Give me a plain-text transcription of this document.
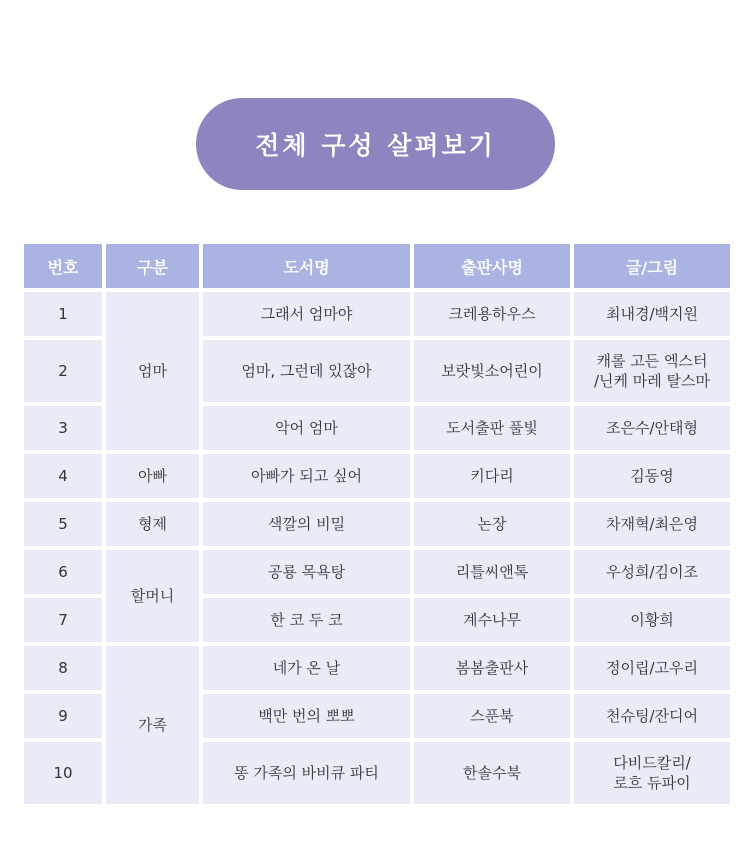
전체 구성 살펴보기
번호	구분	도서명	출판사명	글/그림
1	엄마	그래서 엄마야	크레용하우스	최내경/백지원
2		엄마, 그런데 있잖아	보랏빛소어린이	캐롤 고든 엑스터
/닌케 마레 탈스마
3		악어 엄마	도서출판 풀빛	조은수/안태형
4	아빠	아빠가 되고 싶어	키다리	김동영
5	형제	색깔의 비밀	논장	차재혁/최은영
6	할머니	공룡 목욕탕	리틀씨앤톡	우성희/김이조
7		한 코 두 코	계수나무	이황희
8	가족	네가 온 날	봄봄출판사	정이립/고우리
9		백만 번의 뽀뽀	스푼북	천슈팅/잔디어
10		똥 가족의 바비큐 파티	한솔수북	다비드칼리/
로흐 듀파이
